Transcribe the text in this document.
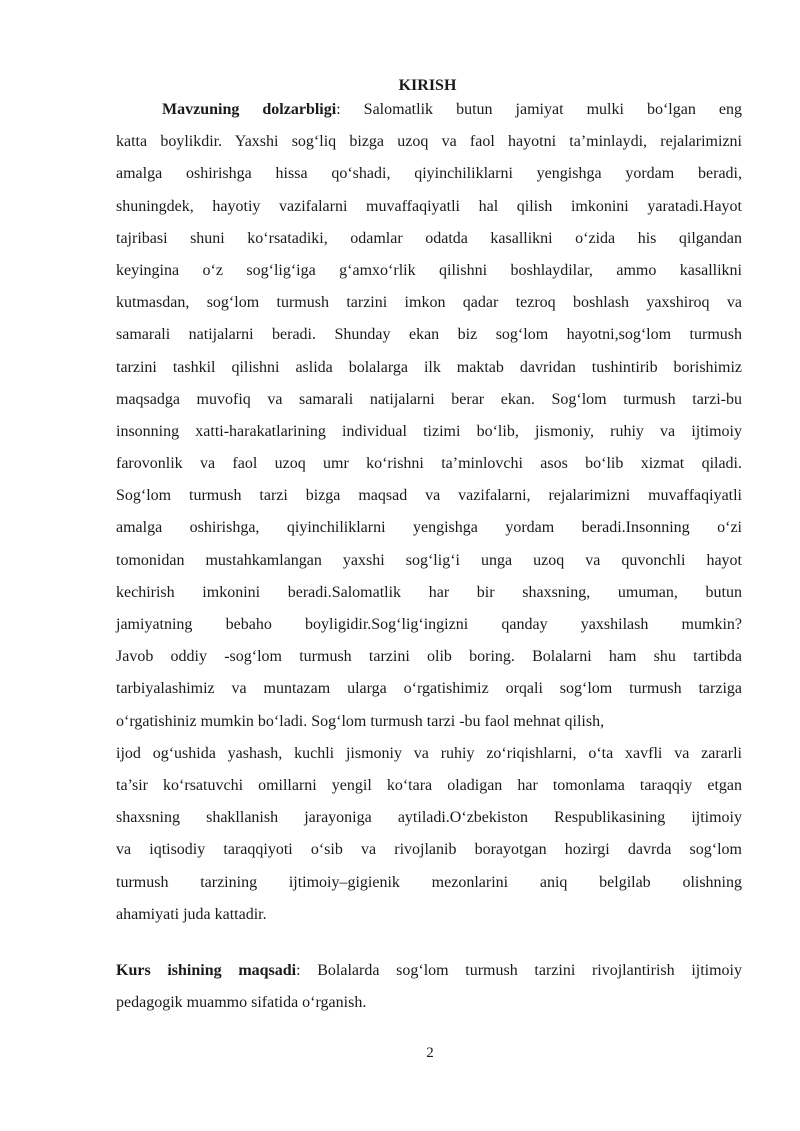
KIRISH
Mavzuning dolzarbligi: Salomatlik butun jamiyat mulki bo‘lgan eng
katta boylikdir. Yaxshi sog‘liq bizga uzoq va faol hayotni ta’minlaydi, rejalarimizni
amalga oshirishga hissa qo‘shadi, qiyinchiliklarni yengishga yordam beradi,
shuningdek, hayotiy vazifalarni muvaffaqiyatli hal qilish imkonini yaratadi.Hayot
tajribasi shuni ko‘rsatadiki, odamlar odatda kasallikni o‘zida his qilgandan
keyingina o‘z sog‘lig‘iga g‘amxo‘rlik qilishni boshlaydilar, ammo kasallikni
kutmasdan, sog‘lom turmush tarzini imkon qadar tezroq boshlash yaxshiroq va
samarali natijalarni beradi. Shunday ekan biz sog‘lom hayotni,sog‘lom turmush
tarzini tashkil qilishni aslida bolalarga ilk maktab davridan tushintirib borishimiz
maqsadga muvofiq va samarali natijalarni berar ekan. Sog‘lom turmush tarzi-bu
insonning xatti-harakatlarining individual tizimi bo‘lib, jismoniy, ruhiy va ijtimoiy
farovonlik va faol uzoq umr ko‘rishni ta’minlovchi asos bo‘lib xizmat qiladi.
Sog‘lom turmush tarzi bizga maqsad va vazifalarni, rejalarimizni muvaffaqiyatli
amalga oshirishga, qiyinchiliklarni yengishga yordam beradi.Insonning o‘zi
tomonidan mustahkamlangan yaxshi sog‘lig‘i unga uzoq va quvonchli hayot
kechirish imkonini beradi.Salomatlik har bir shaxsning, umuman, butun
jamiyatning bebaho boyligidir.Sog‘lig‘ingizni qanday yaxshilash mumkin?
Javob oddiy -sog‘lom turmush tarzini olib boring. Bolalarni ham shu tartibda
tarbiyalashimiz va muntazam ularga o‘rgatishimiz orqali sog‘lom turmush tarziga
o‘rgatishiniz mumkin bo‘ladi. Sog‘lom turmush tarzi -bu faol mehnat qilish,
ijod og‘ushida yashash, kuchli jismoniy va ruhiy zo‘riqishlarni, o‘ta xavfli va zararli
ta’sir ko‘rsatuvchi omillarni yengil ko‘tara oladigan har tomonlama taraqqiy etgan
shaxsning shakllanish jarayoniga aytiladi.O‘zbekiston Respublikasining ijtimoiy
va iqtisodiy taraqqiyoti o‘sib va rivojlanib borayotgan hozirgi davrda sog‘lom
turmush tarzining ijtimoiy–gigienik mezonlarini aniq belgilab olishning
ahamiyati juda kattadir.
Kurs ishining maqsadi: Bolalarda sog‘lom turmush tarzini rivojlantirish ijtimoiy
pedagogik muammo sifatida o‘rganish.
2
